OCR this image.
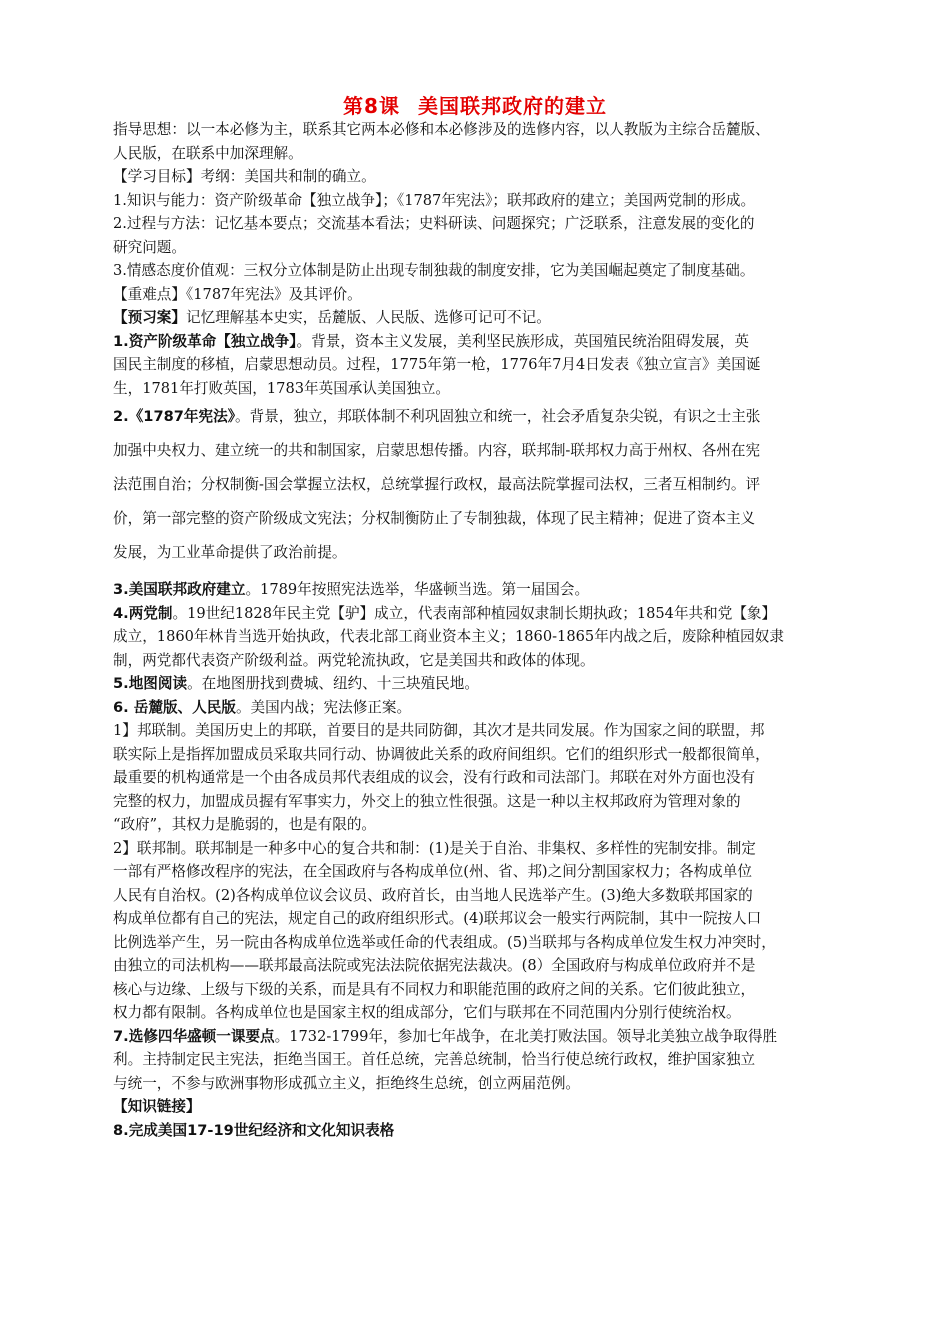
第8课 美国联邦政府的建立
指导思想：以一本必修为主，联系其它两本必修和本必修涉及的选修内容，以人教版为主综合岳麓版、
人民版，在联系中加深理解。
【学习目标】考纲：美国共和制的确立。
1.知识与能力：资产阶级革命【独立战争】；《1787年宪法》；联邦政府的建立；美国两党制的形成。
2.过程与方法：记忆基本要点；交流基本看法；史料研读、问题探究；广泛联系，注意发展的变化的
研究问题。
3.情感态度价值观：三权分立体制是防止出现专制独裁的制度安排，它为美国崛起奠定了制度基础。
【重难点】《1787年宪法》及其评价。
【预习案】记忆理解基本史实，岳麓版、人民版、选修可记可不记。
1.资产阶级革命【独立战争】。背景，资本主义发展，美利坚民族形成，英国殖民统治阻碍发展，英
国民主制度的移植，启蒙思想动员。过程，1775年第一枪，1776年7月4日发表《独立宣言》美国诞
生，1781年打败英国，1783年英国承认美国独立。
2.《1787年宪法》。背景，独立，邦联体制不利巩固独立和统一，社会矛盾复杂尖锐，有识之士主张
加强中央权力、建立统一的共和制国家，启蒙思想传播。内容，联邦制-联邦权力高于州权、各州在宪
法范围自治；分权制衡-国会掌握立法权，总统掌握行政权，最高法院掌握司法权，三者互相制约。评
价，第一部完整的资产阶级成文宪法；分权制衡防止了专制独裁，体现了民主精神；促进了资本主义
发展，为工业革命提供了政治前提。
3.美国联邦政府建立。1789年按照宪法选举，华盛顿当选。第一届国会。
4.两党制。19世纪1828年民主党【驴】成立，代表南部种植园奴隶制长期执政；1854年共和党【象】
成立，1860年林肯当选开始执政，代表北部工商业资本主义；1860-1865年内战之后，废除种植园奴隶
制，两党都代表资产阶级利益。两党轮流执政，它是美国共和政体的体现。
5.地图阅读。在地图册找到费城、纽约、十三块殖民地。
6. 岳麓版、人民版。美国内战；宪法修正案。
1】邦联制。美国历史上的邦联，首要目的是共同防御，其次才是共同发展。作为国家之间的联盟，邦
联实际上是指挥加盟成员采取共同行动、协调彼此关系的政府间组织。它们的组织形式一般都很简单，
最重要的机构通常是一个由各成员邦代表组成的议会，没有行政和司法部门。邦联在对外方面也没有
完整的权力，加盟成员握有军事实力，外交上的独立性很强。这是一种以主权邦政府为管理对象的
“政府”，其权力是脆弱的，也是有限的。
2】联邦制。联邦制是一种多中心的复合共和制：(1)是关于自治、非集权、多样性的宪制安排。制定
一部有严格修改程序的宪法，在全国政府与各构成单位(州、省、邦)之间分割国家权力；各构成单位
人民有自治权。(2)各构成单位议会议员、政府首长，由当地人民选举产生。(3)绝大多数联邦国家的
构成单位都有自己的宪法，规定自己的政府组织形式。(4)联邦议会一般实行两院制，其中一院按人口
比例选举产生，另一院由各构成单位选举或任命的代表组成。(5)当联邦与各构成单位发生权力冲突时，
由独立的司法机构——联邦最高法院或宪法法院依据宪法裁决。(8）全国政府与构成单位政府并不是
核心与边缘、上级与下级的关系，而是具有不同权力和职能范围的政府之间的关系。它们彼此独立，
权力都有限制。各构成单位也是国家主权的组成部分，它们与联邦在不同范围内分别行使统治权。
7.选修四华盛顿一课要点。1732-1799年，参加七年战争，在北美打败法国。领导北美独立战争取得胜
利。主持制定民主宪法，拒绝当国王。首任总统，完善总统制，恰当行使总统行政权，维护国家独立
与统一，不参与欧洲事物形成孤立主义，拒绝终生总统，创立两届范例。
【知识链接】
8.完成美国17-19世纪经济和文化知识表格
